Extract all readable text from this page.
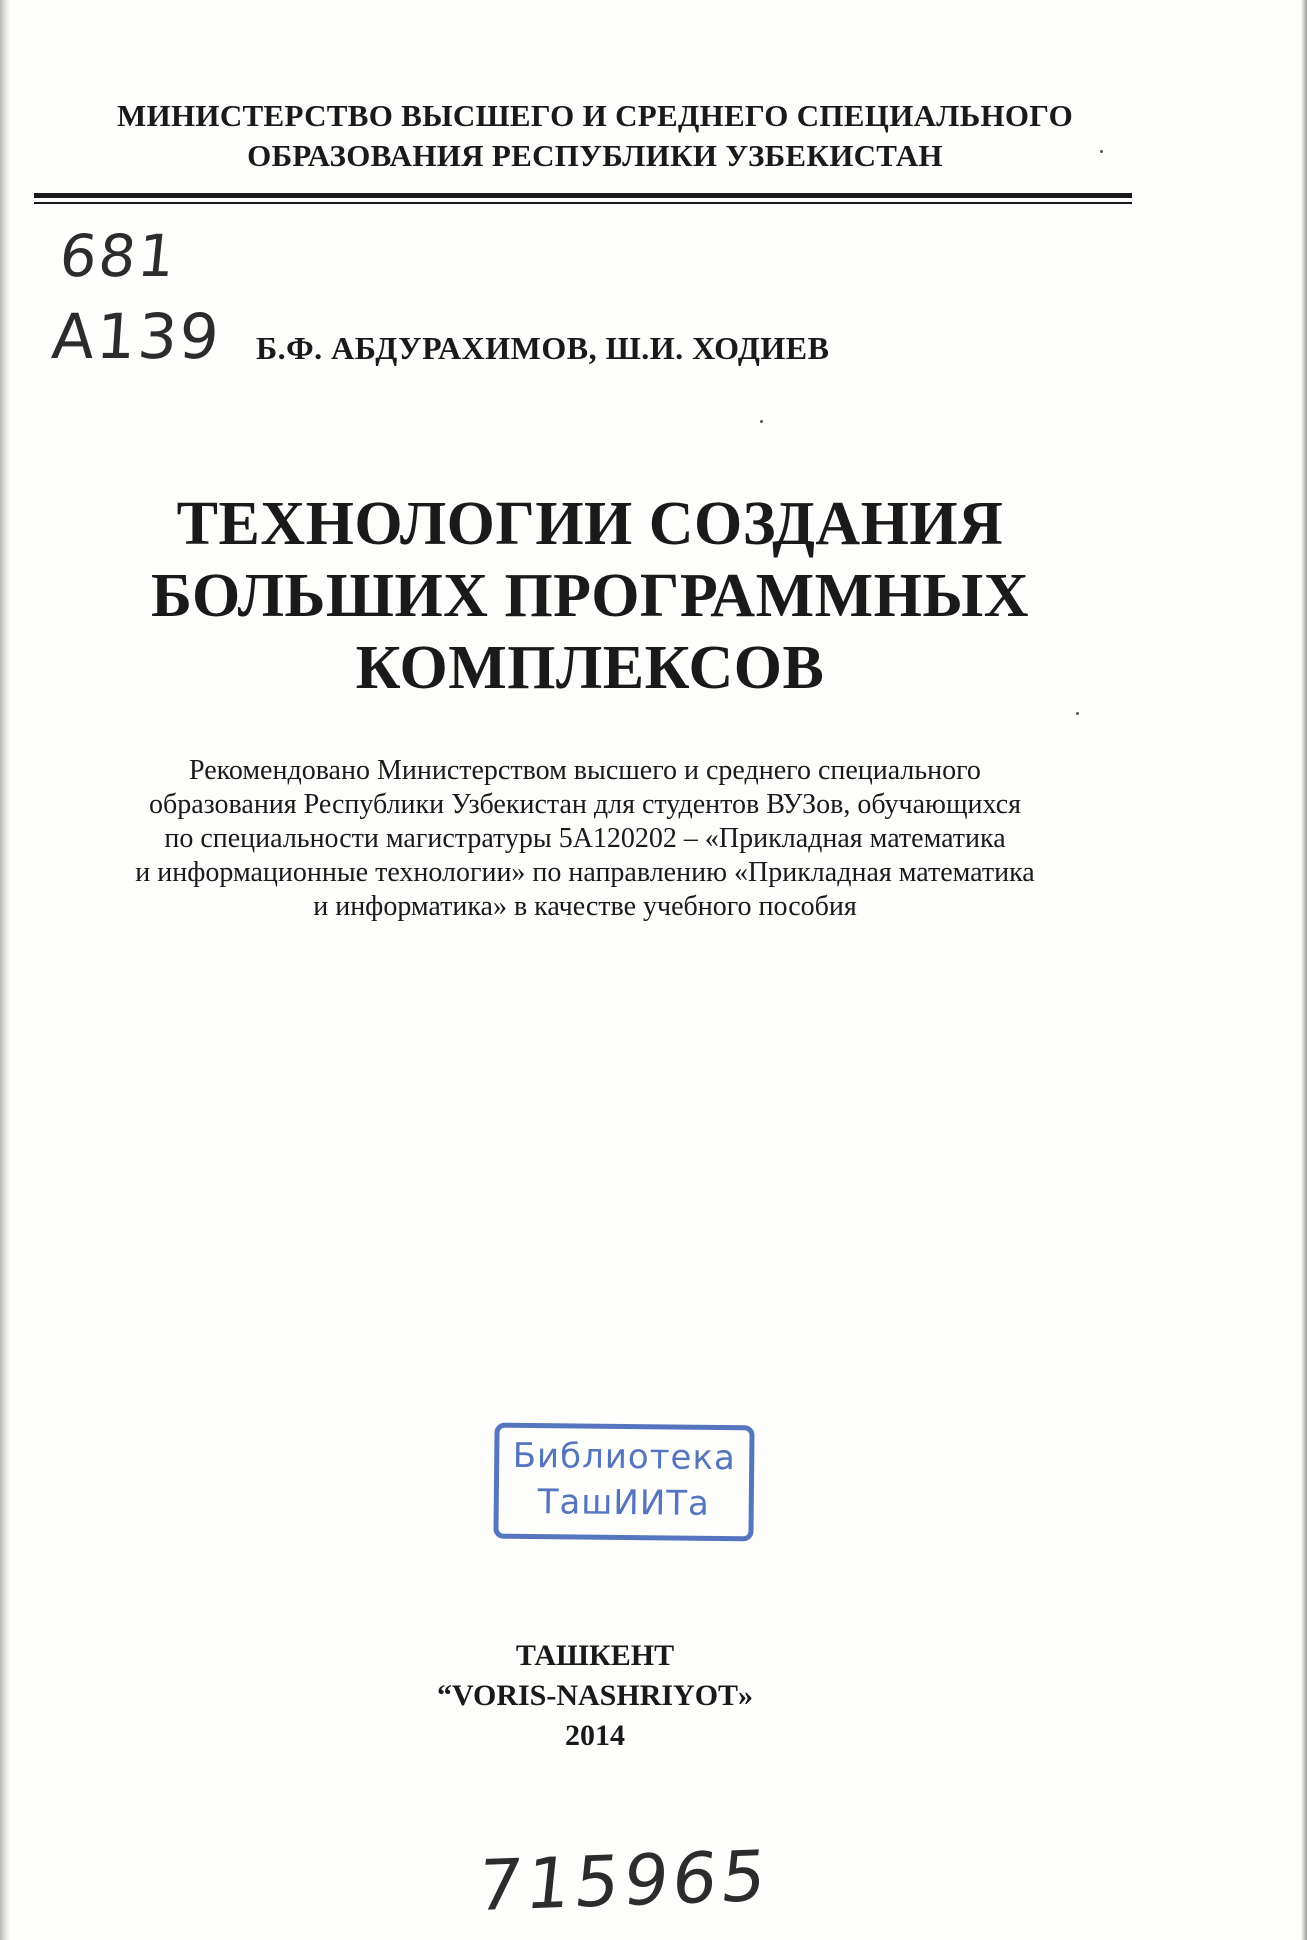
МИНИСТЕРСТВО ВЫСШЕГО И СРЕДНЕГО СПЕЦИАЛЬНОГО
ОБРАЗОВАНИЯ РЕСПУБЛИКИ УЗБЕКИСТАН
681
А139 Б.Ф. АБДУРАХИМОВ, Ш.И. ХОДИЕВ
ТЕХНОЛОГИИ СОЗДАНИЯ
БОЛЬШИХ ПРОГРАММНЫХ
КОМПЛЕКСОВ
Рекомендовано Министерством высшего и среднего специального
образования Республики Узбекистан для студентов ВУЗов, обучающихся
по специальности магистратуры 5А120202 – «Прикладная математика
и информационные технологии» по направлению «Прикладная математика
и информатика» в качестве учебного пособия
Библиотека
ТашИИТа
ТАШКЕНТ
“VORIS-NASHRIYOT»
2014
715965
